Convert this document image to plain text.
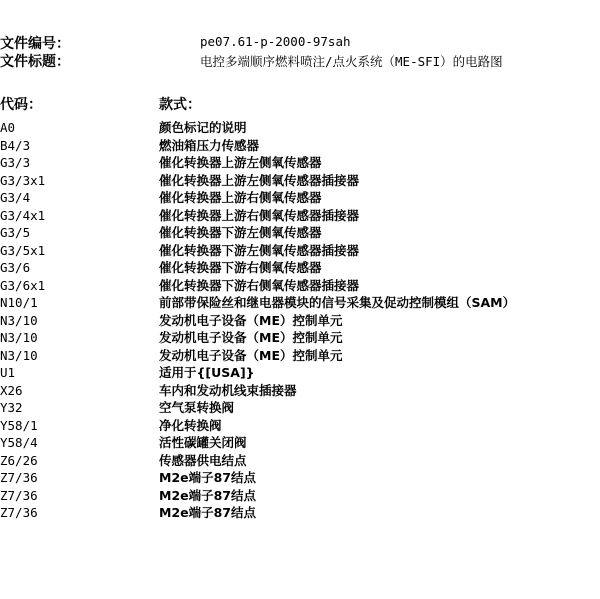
文件编号：	pe07.61-p-2000-97sah
文件标题：	电控多端顺序燃料喷注/点火系统（ME-SFI）的电路图
代码：	款式：
A0	颜色标记的说明
B4/3	燃油箱压力传感器
G3/3	催化转换器上游左侧氧传感器
G3/3x1	催化转换器上游左侧氧传感器插接器
G3/4	催化转换器上游右侧氧传感器
G3/4x1	催化转换器上游右侧氧传感器插接器
G3/5	催化转换器下游左侧氧传感器
G3/5x1	催化转换器下游左侧氧传感器插接器
G3/6	催化转换器下游右侧氧传感器
G3/6x1	催化转换器下游右侧氧传感器插接器
N10/1	前部带保险丝和继电器模块的信号采集及促动控制模组（SAM）
N3/10	发动机电子设备（ME）控制单元
N3/10	发动机电子设备（ME）控制单元
N3/10	发动机电子设备（ME）控制单元
U1	适用于{[USA]}
X26	车内和发动机线束插接器
Y32	空气泵转换阀
Y58/1	净化转换阀
Y58/4	活性碳罐关闭阀
Z6/26	传感器供电结点
Z7/36	M2e端子87结点
Z7/36	M2e端子87结点
Z7/36	M2e端子87结点
